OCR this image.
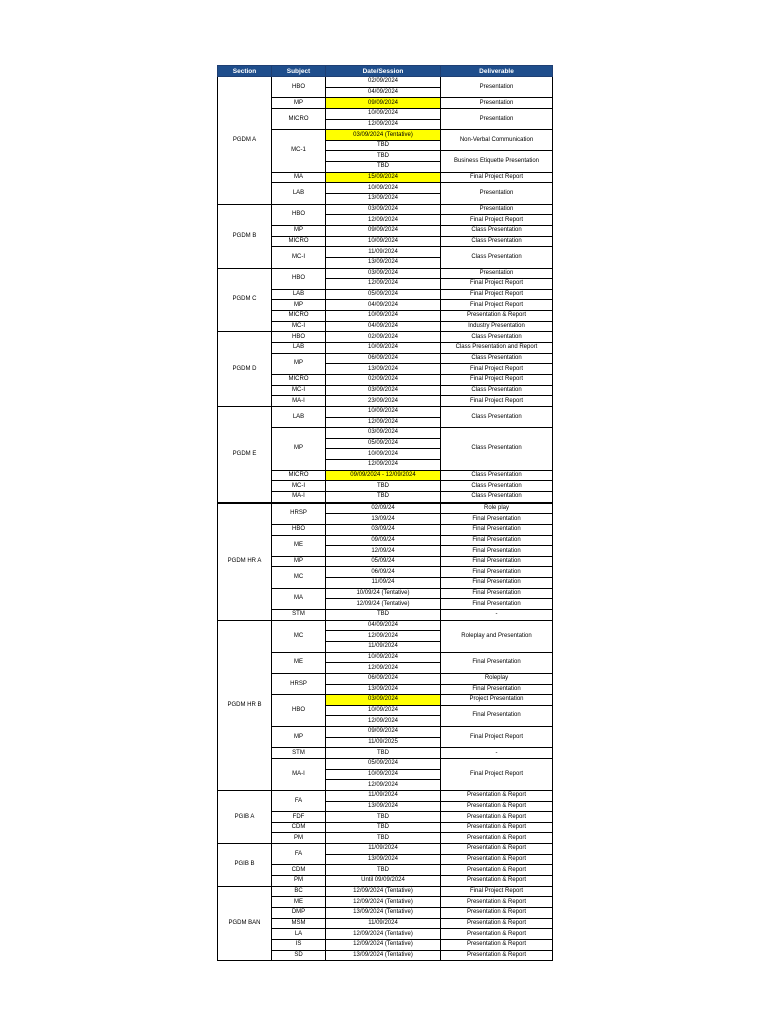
Section	Subject	Date/Session	Deliverable
PGDM A	HBO	02/09/2024	Presentation
		04/09/2024	
	MP	09/09/2024	Presentation
	MICRO	10/09/2024	Presentation
		12/09/2024	
	MC-1	03/09/2024 (Tentative)	Non-Verbal Communication
		TBD	
		TBD	Business Etiquette Presentation
		TBD	
	MA	15/09/2024	Final Project Report
	LAB	10/09/2024	Presentation
		13/09/2024	
PGDM B	HBO	03/09/2024	Presentation
		12/09/2024	Final Project Report
	MP	09/09/2024	Class Presentation
	MICRO	10/09/2024	Class Presentation
	MC-I	11/09/2024	Class Presentation
		13/09/2024	
PGDM C	HBO	03/09/2024	Presentation
		12/09/2024	Final Project Report
	LAB	05/09/2024	Final Project Report
	MP	04/09/2024	Final Project Report
	MICRO	10/09/2024	Presentation & Report
	MC-I	04/09/2024	Industry Presentation
PGDM D	HBO	02/09/2024	Class Presentation
	LAB	10/09/2024	Class Presentation and Report
	MP	06/09/2024	Class Presentation
		13/09/2024	Final Project Report
	MICRO	02/09/2024	Final Project Report
	MC-I	03/09/2024	Class Presentation
	MA-I	23/09/2024	Final Project Report
PGDM E	LAB	10/09/2024	Class Presentation
		12/09/2024	
	MP	03/09/2024	Class Presentation
		05/09/2024	
		10/09/2024	
		12/09/2024	
	MICRO	09/09/2024 - 12/09/2024	Class Presentation
	MC-I	TBD	Class Presentation
	MA-I	TBD	Class Presentation
PGDM HR A	HRSP	02/09/24	Role play
		13/09/24	Final Presentation
	HBO	03/09/24	Final Presentation
	ME	09/09/24	Final Presentation
		12/09/24	Final Presentation
	MP	05/09/24	Final Presentation
	MC	06/09/24	Final Presentation
		11/09/24	Final Presentation
	MA	10/09/24 (Tentative)	Final Presentation
		12/09/24 (Tentative)	Final Presentation
	STM	TBD	-
PGDM HR B	MC	04/09/2024	Roleplay and Presentation
		12/09/2024	
		11/09/2024	
	ME	10/09/2024	Final Presentation
		12/09/2024	
	HRSP	06/09/2024	Roleplay
		13/09/2024	Final Presentation
	HBO	03/09/2024	Project Presentation
		10/09/2024	Final Presentation
		12/09/2024	
	MP	09/09/2024	Final Project Report
		11/09/2025	
	STM	TBD	-
	MA-I	05/09/2024	Final Project Report
		10/09/2024	
		12/09/2024	
PGIB A	FA	11/09/2024	Presentation & Report
		13/09/2024	Presentation & Report
	FDF	TBD	Presentation & Report
	CDM	TBD	Presentation & Report
	PM	TBD	Presentation & Report
PGIB B	FA	11/09/2024	Presentation & Report
		13/09/2024	Presentation & Report
	CDM	TBD	Presentation & Report
	PM	Until 09/09/2024	Presentation & Report
PGDM BAN	BC	12/09/2024 (Tentative)	Final Project Report
	ME	12/09/2024 (Tentative)	Presentation & Report
	DMP	13/09/2024 (Tentative)	Presentation & Report
	MSM	11/09/2024	Presentation & Report
	LA	12/09/2024 (Tentative)	Presentation & Report
	IS	12/09/2024 (Tentative)	Presentation & Report
	SD	13/09/2024 (Tentative)	Presentation & Report
